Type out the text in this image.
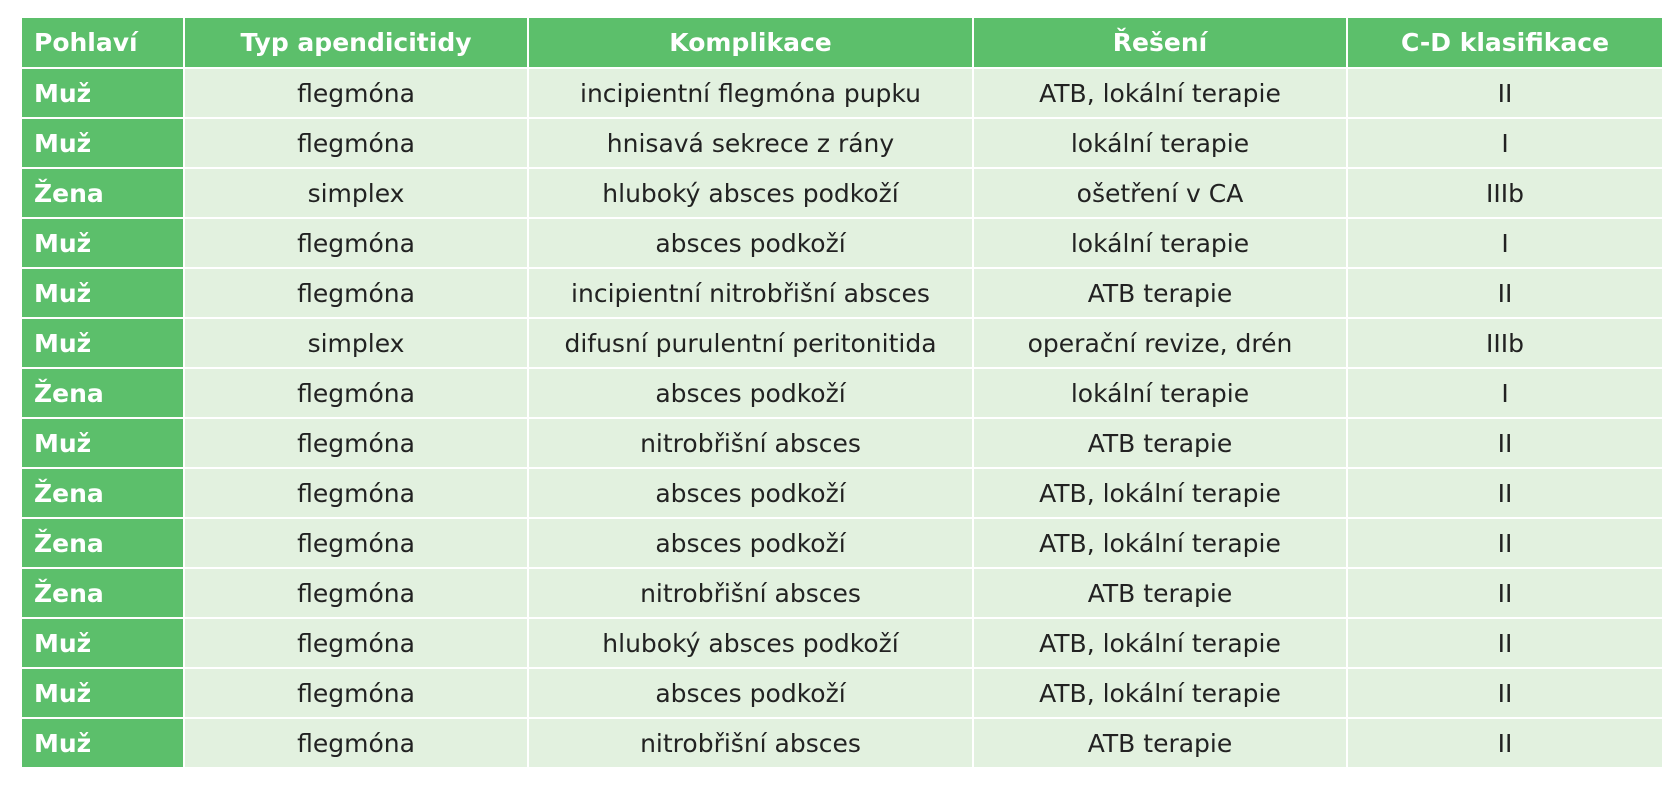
Pohlaví	Typ apendicitidy	Komplikace	Řešení	C-D klasifikace
Muž	flegmóna	incipientní flegmóna pupku	ATB, lokální terapie	II
Muž	flegmóna	hnisavá sekrece z rány	lokální terapie	I
Žena	simplex	hluboký absces podkoží	ošetření v CA	IIIb
Muž	flegmóna	absces podkoží	lokální terapie	I
Muž	flegmóna	incipientní nitrobřišní absces	ATB terapie	II
Muž	simplex	difusní purulentní peritonitida	operační revize, drén	IIIb
Žena	flegmóna	absces podkoží	lokální terapie	I
Muž	flegmóna	nitrobřišní absces	ATB terapie	II
Žena	flegmóna	absces podkoží	ATB, lokální terapie	II
Žena	flegmóna	absces podkoží	ATB, lokální terapie	II
Žena	flegmóna	nitrobřišní absces	ATB terapie	II
Muž	flegmóna	hluboký absces podkoží	ATB, lokální terapie	II
Muž	flegmóna	absces podkoží	ATB, lokální terapie	II
Muž	flegmóna	nitrobřišní absces	ATB terapie	II
